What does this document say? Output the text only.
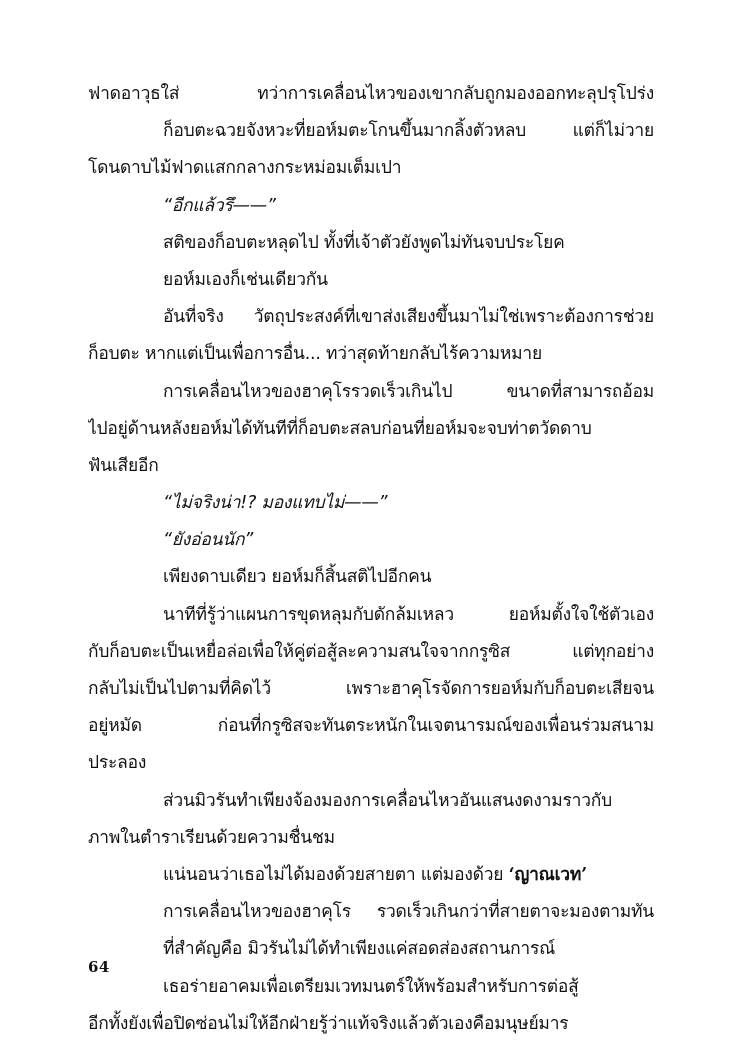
ฟาดอาวุธใส่ ทว่าการเคลื่อนไหวของเขากลับถูกมองออกทะลุปรุโปร่ง
ก็อบตะฉวยจังหวะที่ยอห์มตะโกนขึ้นมากลิ้งตัวหลบ แต่ก็ไม่วาย
โดนดาบไม้ฟาดแสกกลางกระหม่อมเต็มเปา
“อีกแล้วรึ——”
สติของก็อบตะหลุดไป ทั้งที่เจ้าตัวยังพูดไม่ทันจบประโยค
ยอห์มเองก็เช่นเดียวกัน
อันที่จริง วัตถุประสงค์ที่เขาส่งเสียงขึ้นมาไม่ใช่เพราะต้องการช่วย
ก็อบตะ หากแต่เป็นเพื่อการอื่น... ทว่าสุดท้ายกลับไร้ความหมาย
การเคลื่อนไหวของฮาคุโรรวดเร็วเกินไป ขนาดที่สามารถอ้อม
ไปอยู่ด้านหลังยอห์มได้ทันทีที่ก็อบตะสลบก่อนที่ยอห์มจะจบท่าตวัดดาบ
ฟันเสียอีก
“ไม่จริงน่า!? มองแทบไม่——”
“ยังอ่อนนัก”
เพียงดาบเดียว ยอห์มก็สิ้นสติไปอีกคน
นาทีที่รู้ว่าแผนการขุดหลุมกับดักล้มเหลว ยอห์มตั้งใจใช้ตัวเอง
กับก็อบตะเป็นเหยื่อล่อเพื่อให้คู่ต่อสู้ละความสนใจจากกรูซิส แต่ทุกอย่าง
กลับไม่เป็นไปตามที่คิดไว้ เพราะฮาคุโรจัดการยอห์มกับก็อบตะเสียจน
อยู่หมัด ก่อนที่กรูซิสจะทันตระหนักในเจตนารมณ์ของเพื่อนร่วมสนาม
ประลอง
ส่วนมิวรันทำเพียงจ้องมองการเคลื่อนไหวอันแสนงดงามราวกับ
ภาพในตำราเรียนด้วยความชื่นชม
แน่นอนว่าเธอไม่ได้มองด้วยสายตา แต่มองด้วย ‘ญาณเวท’
การเคลื่อนไหวของฮาคุโร รวดเร็วเกินกว่าที่สายตาจะมองตามทัน
ที่สำคัญคือ มิวรันไม่ได้ทำเพียงแค่สอดส่องสถานการณ์
เธอร่ายอาคมเพื่อเตรียมเวทมนตร์ให้พร้อมสำหรับการต่อสู้
อีกทั้งยังเพื่อปิดซ่อนไม่ให้อีกฝ่ายรู้ว่าแท้จริงแล้วตัวเองคือมนุษย์มาร
64
